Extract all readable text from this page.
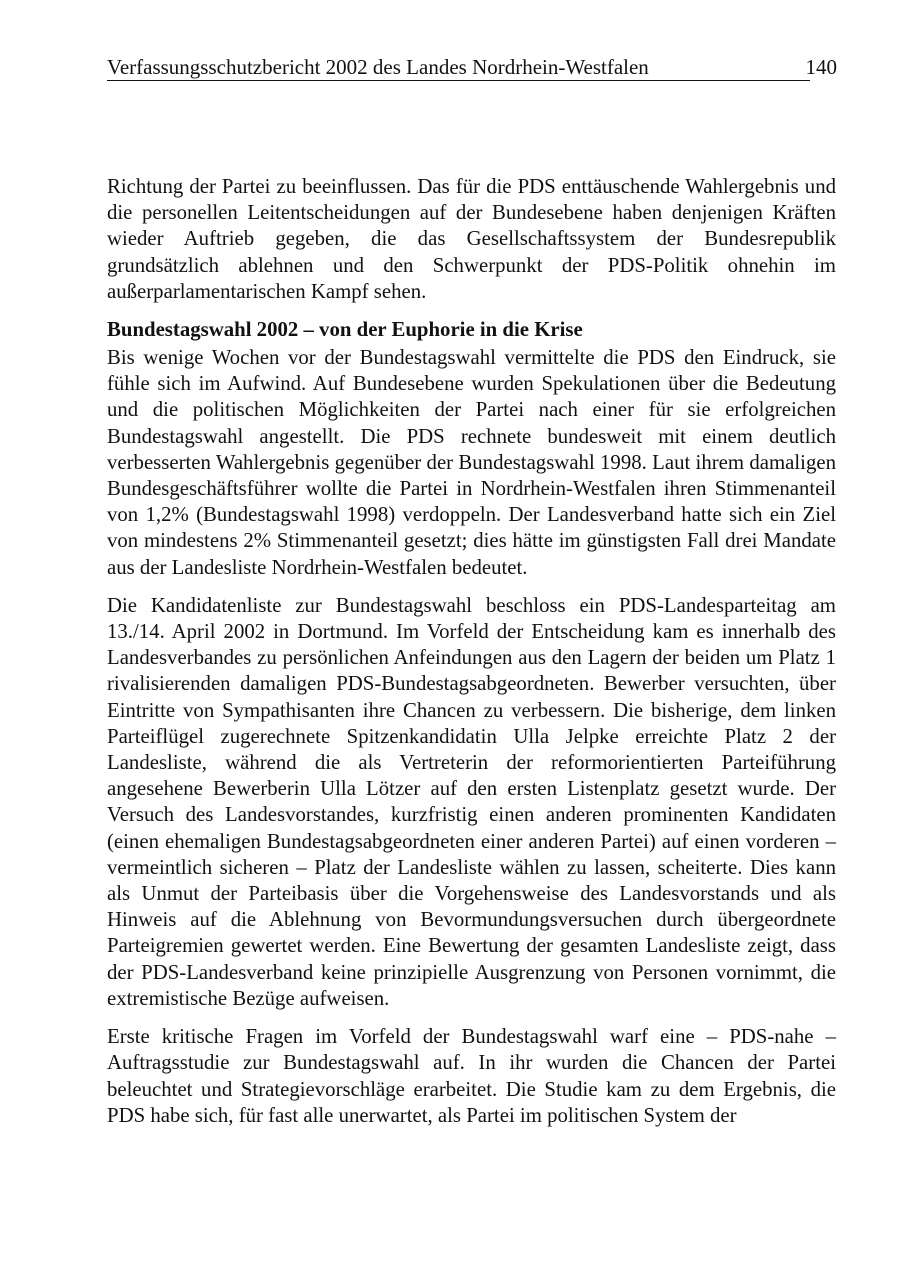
Verfassungsschutzbericht 2002 des Landes Nordrhein-Westfalen	140

Richtung der Partei zu beeinflussen. Das für die PDS enttäuschende Wahlergebnis und die personellen Leitentscheidungen auf der Bundesebene haben denjenigen Kräften wieder Auftrieb gegeben, die das Gesellschaftssystem der Bundesrepublik grundsätzlich ablehnen und den Schwerpunkt der PDS-Politik ohnehin im außerparlamentarischen Kampf sehen.

Bundestagswahl 2002 – von der Euphorie in die Krise

Bis wenige Wochen vor der Bundestagswahl vermittelte die PDS den Eindruck, sie fühle sich im Aufwind. Auf Bundesebene wurden Spekulationen über die Bedeutung und die politischen Möglichkeiten der Partei nach einer für sie erfolgreichen Bundestagswahl angestellt. Die PDS rechnete bundesweit mit einem deutlich verbesserten Wahlergebnis gegenüber der Bundestagswahl 1998. Laut ihrem damaligen Bundesgeschäftsführer wollte die Partei in Nordrhein-Westfalen ihren Stimmenanteil von 1,2% (Bundestagswahl 1998) verdoppeln. Der Landesverband hatte sich ein Ziel von mindestens 2% Stimmenanteil gesetzt; dies hätte im günstigsten Fall drei Mandate aus der Landesliste Nordrhein-Westfalen bedeutet.

Die Kandidatenliste zur Bundestagswahl beschloss ein PDS-Landesparteitag am 13./14. April 2002 in Dortmund. Im Vorfeld der Entscheidung kam es innerhalb des Landesverbandes zu persönlichen Anfeindungen aus den Lagern der beiden um Platz 1 rivalisierenden damaligen PDS-Bundestagsabgeordneten. Bewerber versuchten, über Eintritte von Sympathisanten ihre Chancen zu verbessern. Die bisherige, dem linken Parteiflügel zugerechnete Spitzenkandidatin Ulla Jelpke erreichte Platz 2 der Landesliste, während die als Vertreterin der reformorientierten Parteiführung angesehene Bewerberin Ulla Lötzer auf den ersten Listenplatz gesetzt wurde. Der Versuch des Landesvorstandes, kurzfristig einen anderen prominenten Kandidaten (einen ehemaligen Bundestagsabgeordneten einer anderen Partei) auf einen vorderen – vermeintlich sicheren – Platz der Landesliste wählen zu lassen, scheiterte. Dies kann als Unmut der Parteibasis über die Vorgehensweise des Landesvorstands und als Hinweis auf die Ablehnung von Bevormundungsversuchen durch übergeordnete Parteigremien gewertet werden. Eine Bewertung der gesamten Landesliste zeigt, dass der PDS-Landesverband keine prinzipielle Ausgrenzung von Personen vornimmt, die extremistische Bezüge aufweisen.

Erste kritische Fragen im Vorfeld der Bundestagswahl warf eine – PDS-nahe – Auftragsstudie zur Bundestagswahl auf. In ihr wurden die Chancen der Partei beleuchtet und Strategievorschläge erarbeitet. Die Studie kam zu dem Ergebnis, die PDS habe sich, für fast alle unerwartet, als Partei im politischen System der
